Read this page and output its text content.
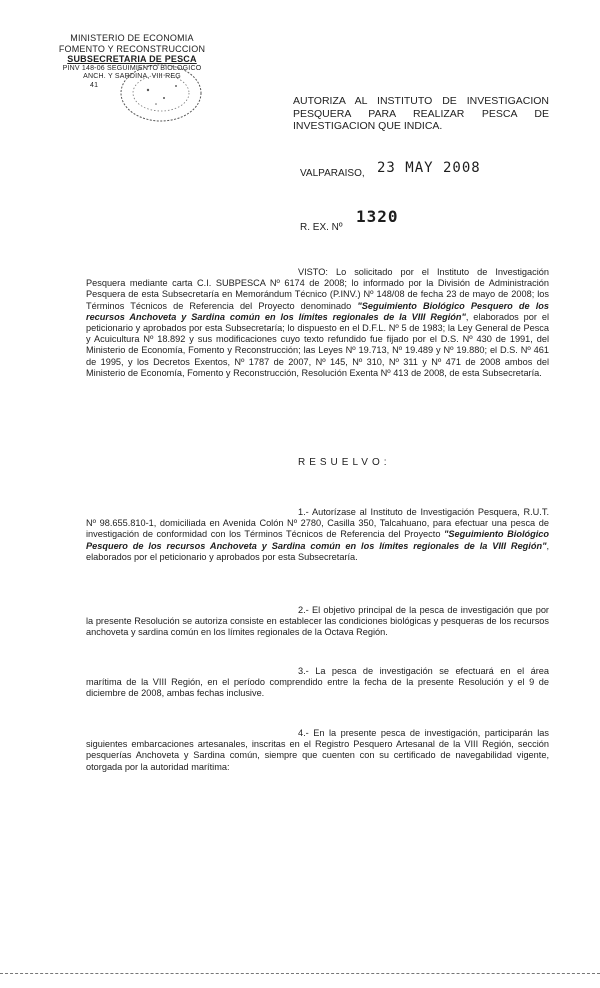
MINISTERIO DE ECONOMIA
FOMENTO Y RECONSTRUCCION
SUBSECRETARIA DE PESCA
PINV 148-06 SEGUIMIENTO BIOLOGICO
ANCH. Y SARDINA, VIII REG
41
AUTORIZA AL INSTITUTO DE INVESTIGACION PESQUERA PARA REALIZAR PESCA DE INVESTIGACION QUE INDICA.
VALPARAISO, 23 MAY 2008
R. EX. Nº
1320
VISTO: Lo solicitado por el Instituto de Investigación Pesquera mediante carta C.I. SUBPESCA Nº 6174 de 2008; lo informado por la División de Administración Pesquera de esta Subsecretaría en Memorándum Técnico (P.INV.) Nº 148/08 de fecha 23 de mayo de 2008; los Términos Técnicos de Referencia del Proyecto denominado "Seguimiento Biológico Pesquero de los recursos Anchoveta y Sardina común en los límites regionales de la VIII Región", elaborados por el peticionario y aprobados por esta Subsecretaría; lo dispuesto en el D.F.L. Nº 5 de 1983; la Ley General de Pesca y Acuicultura Nº 18.892 y sus modificaciones cuyo texto refundido fue fijado por el D.S. Nº 430 de 1991, del Ministerio de Economía, Fomento y Reconstrucción; las Leyes Nº 19.713, Nº 19.489 y Nº 19.880; el D.S. Nº 461 de 1995, y los Decretos Exentos, Nº 1787 de 2007, Nº 145, Nº 310, Nº 311 y Nº 471 de 2008 ambos del Ministerio de Economía, Fomento y Reconstrucción, Resolución Exenta Nº 413 de 2008, de esta Subsecretaría.
RESUELVO:
1.- Autorízase al Instituto de Investigación Pesquera, R.U.T. Nº 98.655.810-1, domiciliada en Avenida Colón Nº 2780, Casilla 350, Talcahuano, para efectuar una pesca de investigación de conformidad con los Términos Técnicos de Referencia del Proyecto "Seguimiento Biológico Pesquero de los recursos Anchoveta y Sardina común en los límites regionales de la VIII Región", elaborados por el peticionario y aprobados por esta Subsecretaría.
2.- El objetivo principal de la pesca de investigación que por la presente Resolución se autoriza consiste en establecer las condiciones biológicas y pesqueras de los recursos anchoveta y sardina común en los límites regionales de la Octava Región.
3.- La pesca de investigación se efectuará en el área marítima de la VIII Región, en el período comprendido entre la fecha de la presente Resolución y el 9 de diciembre de 2008, ambas fechas inclusive.
4.- En la presente pesca de investigación, participarán las siguientes embarcaciones artesanales, inscritas en el Registro Pesquero Artesanal de la VIII Región, sección pesquerías Anchoveta y Sardina común, siempre que cuenten con su certificado de navegabilidad vigente, otorgada por la autoridad marítima:
